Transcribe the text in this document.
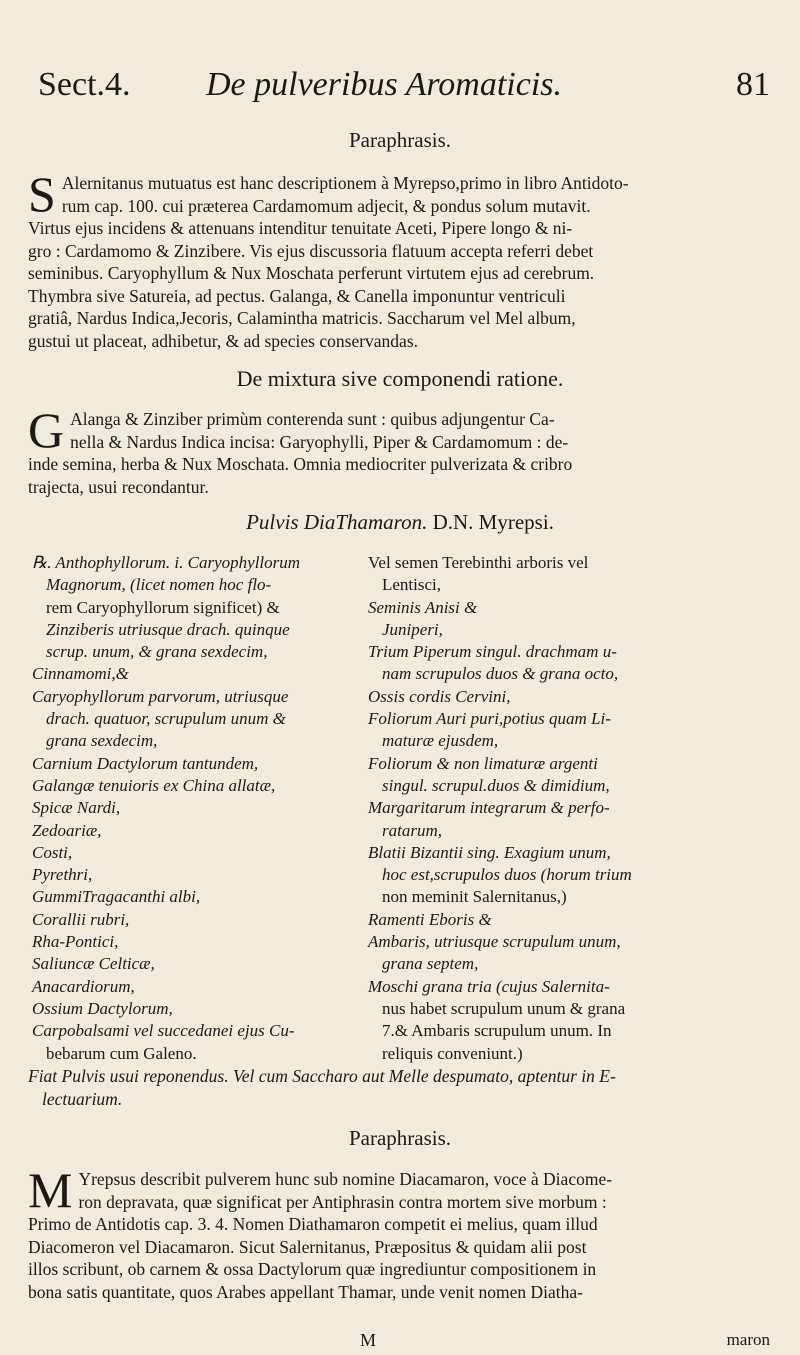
Sect.4. De pulveribus Aromaticis.	81
Paraphrasis.
S Alernitanus mutuatus est hanc descriptionem à Myrepso,primo in libro Antidoto-
rum cap. 100. cui præterea Cardamomum adjecit, & pondus solum mutavit.
Virtus ejus incidens & attenuans intenditur tenuitate Aceti, Pipere longo & ni-
gro : Cardamomo & Zinzibere. Vis ejus discussoria flatuum accepta referri debet
seminibus. Caryophyllum & Nux Moschata perferunt virtutem ejus ad cerebrum.
Thymbra sive Satureia, ad pectus. Galanga, & Canella imponuntur ventriculi
gratiâ, Nardus Indica,Jecoris, Calamintha matricis. Saccharum vel Mel album,
gustui ut placeat, adhibetur, & ad species conservandas.
De mixtura sive componendi ratione.
G Alanga & Zinziber primùm conterenda sunt : quibus adjungentur Ca-
nella & Nardus Indica incisa: Garyophylli, Piper & Cardamomum : de-
inde semina, herba & Nux Moschata. Omnia mediocriter pulverizata & cribro
trajecta, usui recondantur.
Pulvis DiaThamaron. D.N. Myrepsi.
℞. Anthophyllorum. i. Caryophyllorum
Magnorum, (licet nomen hoc flo-
rem Caryophyllorum significet) &
Zinziberis utriusque drach. quinque
scrup. unum, & grana sexdecim,
Cinnamomi,&
Caryophyllorum parvorum, utriusque
drach. quatuor, scrupulum unum &
grana sexdecim,
Carnium Dactylorum tantundem,
Galangæ tenuioris ex China allatæ,
Spicæ Nardi,
Zedoariæ,
Costi,
Pyrethri,
GummiTragacanthi albi,
Corallii rubri,
Rha-Pontici,
Saliuncæ Celticæ,
Anacardiorum,
Ossium Dactylorum,
Carpobalsami vel succedanei ejus Cu-
bebarum cum Galeno.
Vel semen Terebinthi arboris vel
Lentisci,
Seminis Anisi &
Juniperi,
Trium Piperum singul. drachmam u-
nam scrupulos duos & grana octo,
Ossis cordis Cervini,
Foliorum Auri puri,potius quam Li-
maturæ ejusdem,
Foliorum & non limaturæ argenti
singul. scrupul.duos & dimidium,
Margaritarum integrarum & perfo-
ratarum,
Blatii Bizantii sing. Exagium unum,
hoc est,scrupulos duos (horum trium
non meminit Salernitanus,)
Ramenti Eboris &
Ambaris, utriusque scrupulum unum,
grana septem,
Moschi grana tria (cujus Salernita-
nus habet scrupulum unum & grana
7.& Ambaris scrupulum unum. In
reliquis conveniunt.)
Fiat Pulvis usui reponendus. Vel cum Saccharo aut Melle despumato, aptentur in E-
lectuarium.
Paraphrasis.
M Yrepsus describit pulverem hunc sub nomine Diacamaron, voce à Diacome-
ron depravata, quæ significat per Antiphrasin contra mortem sive morbum :
Primo de Antidotis cap. 3. 4. Nomen Diathamaron competit ei melius, quam illud
Diacomeron vel Diacamaron. Sicut Salernitanus, Præpositus & quidam alii post
illos scribunt, ob carnem & ossa Dactylorum quæ ingrediuntur compositionem in
bona satis quantitate, quos Arabes appellant Thamar, unde venit nomen Diatha-
M	maron
